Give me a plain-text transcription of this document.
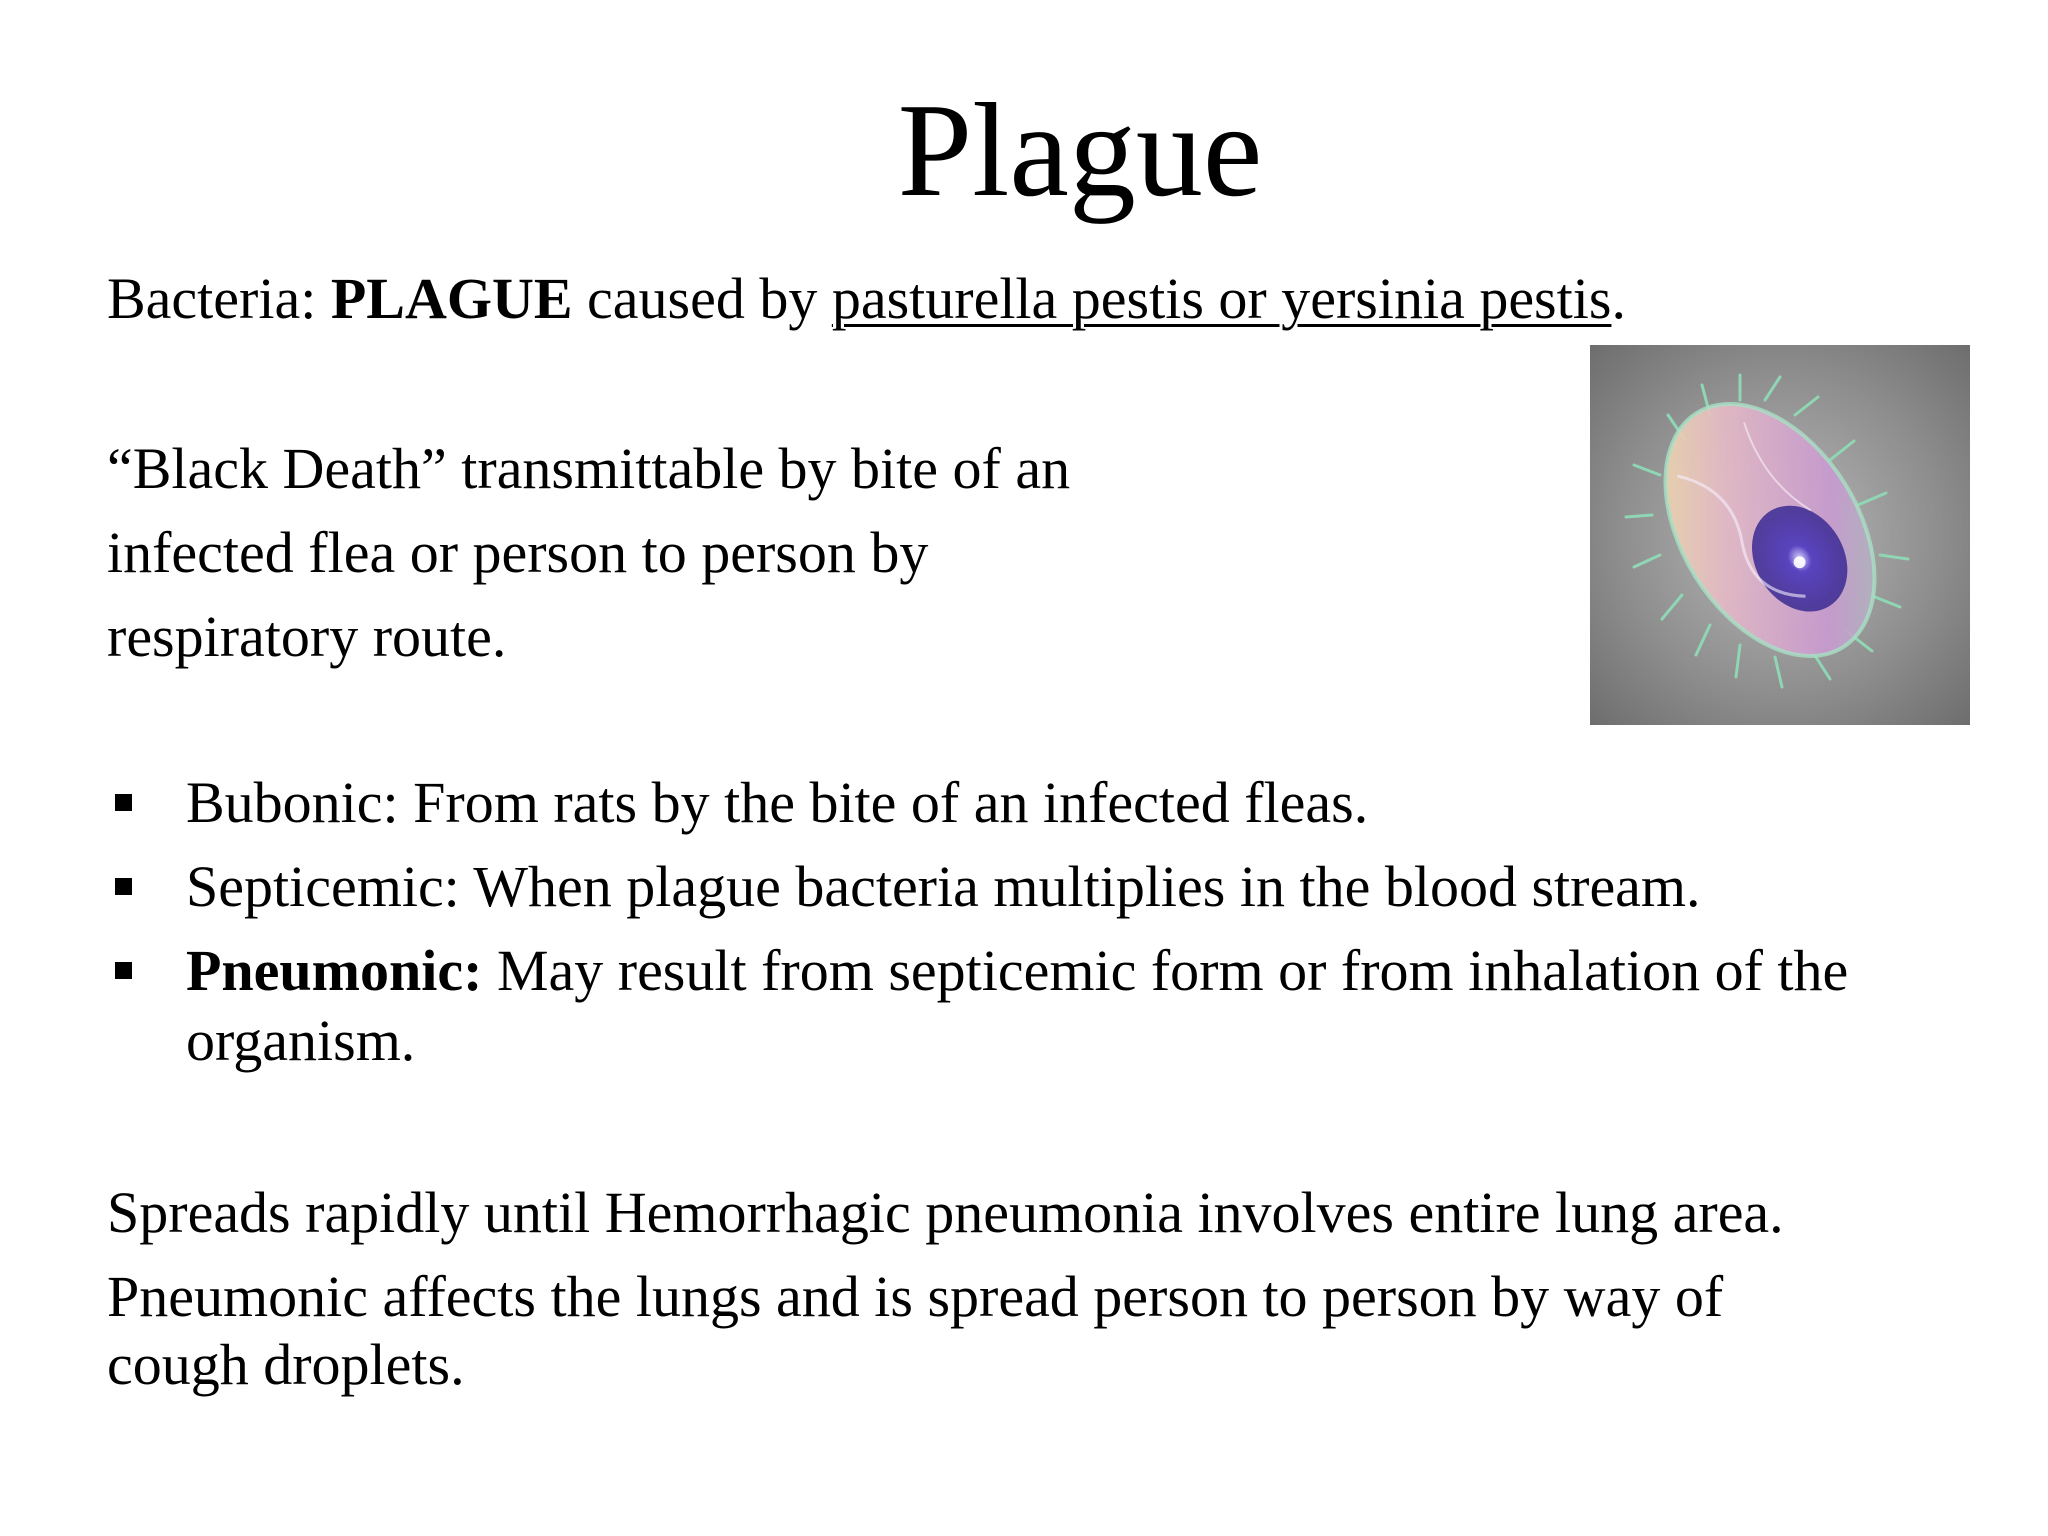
Plague

Bacteria: PLAGUE caused by pasturella pestis or yersinia pestis.

“Black Death” transmittable by bite of an

infected flea or person to person by

respiratory route.

Bubonic: From rats by the bite of an infected fleas.
Septicemic: When plague bacteria multiplies in the blood stream.
Pneumonic: May result from septicemic form or from inhalation of the organism.

Spreads rapidly until Hemorrhagic pneumonia involves entire lung area.

Pneumonic affects the lungs and is spread person to person by way of

cough droplets.
